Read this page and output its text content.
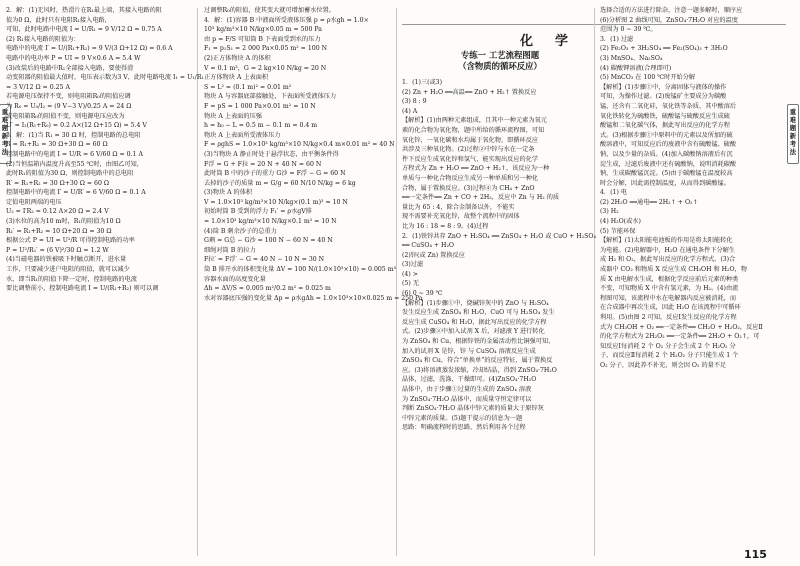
重难题新考法
重难题新考法

2．解：(1)无风时，热滑片在R₁最上端，其接入电路的阻

值为0 Ω，此时只有电阻R₁接入电路，

可知，此时电路中电流 I = U/R₁ = 9 V/12 Ω = 0.75 A

(2) R₁接入电路的阻值为：

电路中的电流 I′ = U/(R₁+R₂) = 9 V/(3 Ω+12 Ω) = 0.6 A

电路中的电功率 P = UI = 9 V×0.6 A = 5.4 W

(3)改装后的电路中R₁全部接入电路，要使得滑

动变阻器的阻值最大值时，电压表示数为3 V，此时电路电流 I₁ = U₁/R₁

= 3 V/12 Ω = 0.25 A

若电源电压保持不变，则电阻箱R₀的阻值应调

为 R₀ = U₀/I₂ = (9 V−3 V)/0.25 A = 24 Ω

或电阻箱R₀的阻值不变，则电源电压应改为

U′ = I₂(R₁+R₀) = 0.2 A×(12 Ω+15 Ω) = 5.4 V

3．解：(1)当 R₁ = 30 Ω 时，控制电路的总电阻

R = R₁+R₂ = 30 Ω+30 Ω = 60 Ω

控制电路中的电流 I = U/R = 6 V/60 Ω = 0.1 A

(2)当恒温箱内温度升高至55 ℃时，由图乙可知，

此时R₁的阻值为30 Ω，则控制电路中的总电阻

R′ = R₁+R₂ = 30 Ω+30 Ω = 60 Ω

控制电路中的电流 I′ = U/R′ = 6 V/60 Ω = 0.1 A

定值电阻两端的电压

U₂ = I′R₂ = 0.12 A×20 Ω = 2.4 V

(3)水位的高为10 m时，R₁的阻值为10 Ω

R₁′ = R₁+R₂ = 10 Ω+20 Ω = 30 Ω

根据公式 P = UI = U²/R 可得控制电路的功率

P = U²/R₁′ = (6 V)²/30 Ω = 1.2 W

(4)当磁电器的铁被吸下时触点断开，进水量

工作，只要减少进户电阻的阻值，就可以减少

水，即当R₁的阻值下降一定时，控制电路的电流

要比调整前小，控制电路电流 I = U/(R₁+R₂) 则可以调

过调整R₀的阻值，使其变大就可增加蓄水位置。

4．解：(1)容器 B 中液面所受液体压强 p = ρ水gh = 1.0×

10³ kg/m³×10 N/kg×0.05 m = 500 Pa

由 p = F/S 可知筒 B 下表面受到水的压力

F₁ = p₁S₁ = 2 000 Pa×0.05 m² = 100 N

(2)正方体物块 A 的体积

V = 0.1 m³，G = 2 kg×10 N/kg = 20 N

正方体物块 A 上表面积

S = L² = (0.1 m)² = 0.01 m²

物块 A 与容器底部接触处，下表面所受液体压力

F = pS = 1 000 Pa×0.01 m² = 10 N

物块 A 上表面的压强

h = h₀ − L = 0.5 m − 0.1 m = 0.4 m

物块 A 上表面所受液体压力

F = ρghS = 1.0×10³ kg/m³×10 N/kg×0.4 m×0.01 m² = 40 N

(3)当物块 A 静止时处于悬浮状态，由平衡条件得

F浮 = G + F拉 = 20 N + 40 N = 60 N

此时筒 B 中的沙子的重力 G沙 = F浮 − G = 60 N

去掉的沙子的质量 m = G/g = 60 N/10 N/kg = 6 kg

(3)物块 A 的体积

V = 1.0×10³ kg/m³×10 N/kg×(0.1 m)³ = 10 N

初始时筒 B 受到的浮力 F₁′ = ρ水gV排

= 1.0×10³ kg/m³×10 N/kg×0.1 m² = 10 N

(4)筒 B 剩余沙子的总重力

G剩 = G总 − G沙 = 100 N − 60 N = 40 N

细绳对筒 B 的拉力

F拉′ = F浮′ − G = 40 N − 10 N = 30 N

筒 B 排开水的体积变化量 ΔV = 100 N/(1.0×10³×10) = 0.005 m³

容器水面的高度变化量

Δh = ΔV/S = 0.005 m²/0.2 m² = 0.025 m

水对容器底压强的变化量 Δp = ρ水gΔh = 1.0×10³×10×0.025 m = 250 Pa

化学

专练一 工艺流程图题

（含物质的循环反应）

1．(1)三(或3)

(2) Zn + H₂O ══高温══ ZnO + H₂↑ 置换反应

(3) 8 : 9

(4) A

【解析】(1)由两种元素组成，且其中一种元素为氧元

素的化合物为氧化物，题中所给的循环流程图，可知

氧化锌，一氧化碳和水均属于氧化物，即循环反应

共涉及三种氧化物。(2)过程②中锌与水在一定条

件下反应生成氧化锌和氢气，能实现出反应的化学

方程式为 Zn + H₂O ══ ZnO + H₂↑，该反应为一种

单质与一种化合物反应生成另一种单质和另一种化

合物，属于置换反应。(3)过程④为 CH₄ + ZnO

══一定条件══ Zn + CO + 2H₂，反应中 Zn 与 H₂ 的质

量比为 65 : 4，除合金制备以外，不能实

现不需要补充氧化锌，故整个流程中的固体

比为 16 : 18 = 8 : 9。(4)过程

2．(1)铁锌共存 ZnO + H₂SO₄ ══ ZnSO₄ + H₂O 或 CuO + H₂SO₄

══ CuSO₄ + H₂O

(2)锌(或 Zn) 置换反应

(3)过滤

(4) >

(5) 无

(6) 0 ~ 39 ℃

【解析】(1)步骤①中，烧碱锌灰中的 ZnO 与 H₂SO₄

发生反应生成 ZnSO₄ 和 H₂O，CuO 可与 H₂SO₄ 发生

反应生成 CuSO₄ 和 H₂O，据此写出反应的化学方程

式。(2)步骤②中加入试剂 X 后，对滤液 Y 进行转化

为 ZnSO₄ 和 Cu，根据锌铁的金属活动性比铜强可知，

加入的试剂 X 是锌，锌 与 CuSO₄ 溶液反应生成

ZnSO₄ 和 Cu，符合“单换单”的反应特征，属于置换反

应。(3)将溶液蒸发浓缩，冷却结晶，得到 ZnSO₄·7H₂O

晶体，过滤，洗涤，干燥即可。(4)ZnSO₄·7H₂O

晶体中，由于步骤①过量的生成的 ZnSO₄ 溶液

为 ZnSO₄·7H₂O 晶体中，而质量守恒定律可以

判断 ZnSO₄·7H₂O 晶体中锌元素的质量大于原锌灰

中锌元素的质量。(5)题干提示的信息为一题

思路：明确流程时的思路，然后利用各个过程

选择合适的方法进行除杂，注意一题多解时，顺序应

(6)分析图 2 曲线可知，ZnSO₄·7H₂O 对应的温度

范围为 0 ~ 39 ℃。

3．(1) 过滤

(2) Fe₂O₃ + 3H₂SO₄ ══ Fe₂(SO₄)₃ + 3H₂O

(3) MnSO₄、Na₂SO₄

(4) 碳酸钾溶液(合理即可)

(5) MnCO₃ 在 100 ℃时开始分解

【解析】(1)步骤①中，分离固体与液体的操作

可知，为操作过滤。(2)废锰矿主要成分为碳酸

锰，还含有二氧化硅，氧化铁等杂质，其中酸溶后

氧化铁转化为硫酸铁，硫酸锰与硫酸反应生成硫

酸锰和二氧化碳气体，据此写出反应的化学方程

式。(3)根据步骤①中原料中的元素以及所加的硫

酸溶液中，可知反应后的废液中含有硫酸锰、硫酸

钠，以及少量的杂质。(4)加入碳酸钠溶液后有沉

淀生成，过滤后废液中还有硫酸钠，说明消耗碳酸

钠，生成碳酸锰沉淀。(5)由于碳酸锰在温度较高

时会分解，因此需控制温度，从而得到碳酸锰。

4．(1) 电

(2) 2H₂O ══通电══ 2H₂↑ + O₂↑

(3) H₂

(4) H₂O(或水)

(5) 节能环保

【解析】(1)太阳能电池板的作用是将太阳能转化

为电能。(2)电解器中，H₂O 在通电条件下分解生

成 H₂ 和 O₂，据此写出反应的化学方程式。(3)合

成器中 CO₂ 和物质 X 反应生成 CH₃OH 和 H₂O，物

质 X 由电解水生成，根据化学反应前后元素的种类

不变，可知物质 X 中含有氢元素，为 H₂。(4)由流

程图可知，该流程中水在电解器内反应被消耗，而

在合成器中再次生成，因此 H₂O 在该流程中可循环

利用。(5)由图 2 可知，反应Ⅰ发生反应的化学方程

式为 CH₃OH + O₂ ══一定条件══ CH₂O + H₂O₂，反应Ⅱ

的化学方程式为 2H₂O₂ ══一定条件══ 2H₂O + O₂↑，可

知反应Ⅰ每消耗 2 个 O₂ 分子会生成 2 个 H₂O₂ 分

子，而反应Ⅱ每消耗 2 个 H₂O₂ 分子只能生成 1 个

O₂ 分子，因此养不补充，则会因 O₂ 的量不足

115
